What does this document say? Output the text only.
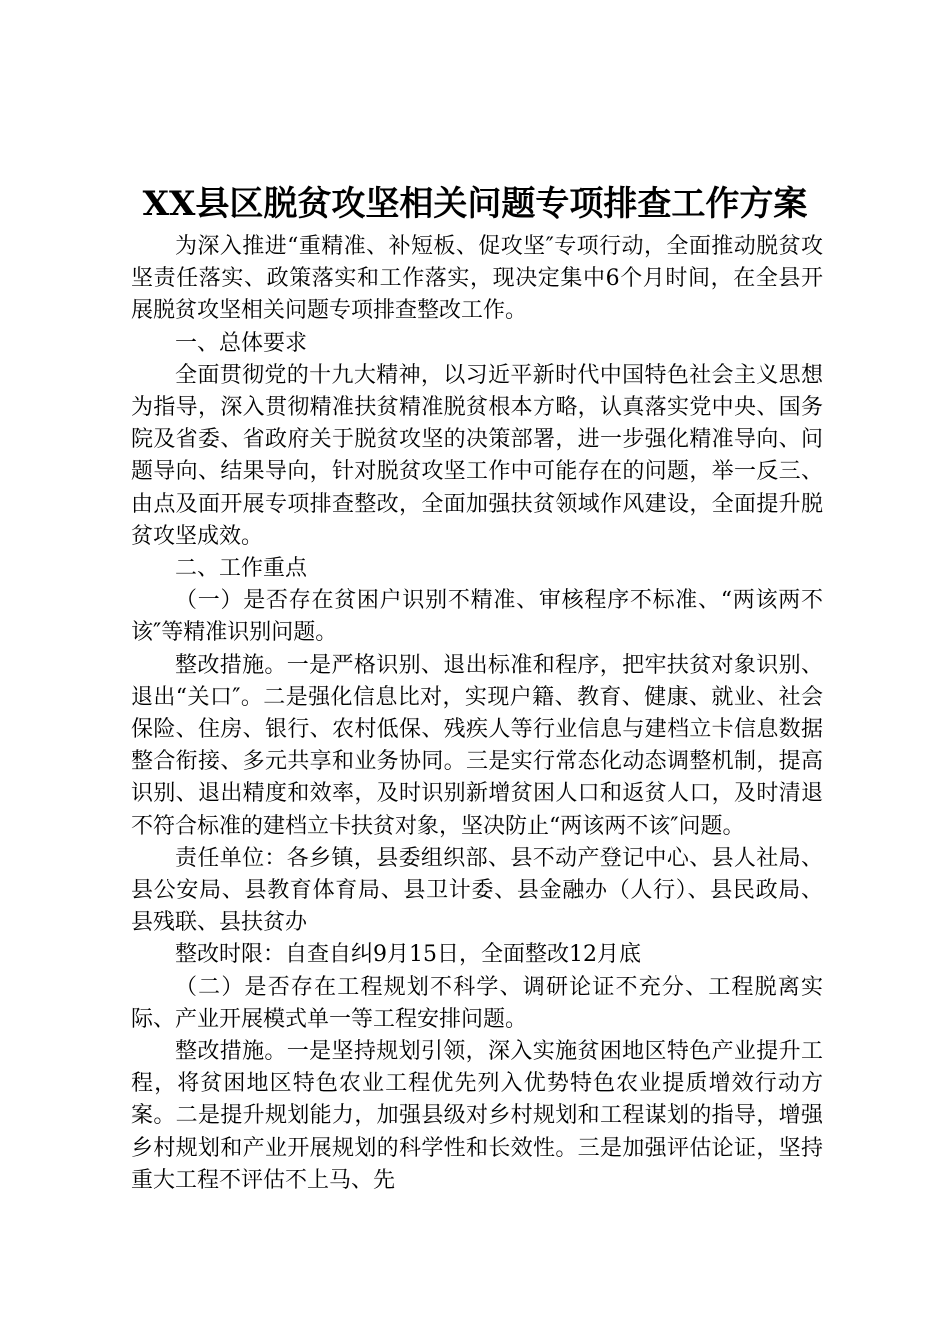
XX县区脱贫攻坚相关问题专项排查工作方案

为深入推进“重精准、补短板、促攻坚″专项行动，全面推动脱贫攻坚责任落实、政策落实和工作落实，现决定集中6个月时间，在全县开展脱贫攻坚相关问题专项排查整改工作。

一、总体要求

全面贯彻党的十九大精神，以习近平新时代中国特色社会主义思想为指导，深入贯彻精准扶贫精准脱贫根本方略，认真落实党中央、国务院及省委、省政府关于脱贫攻坚的决策部署，进一步强化精准导向、问题导向、结果导向，针对脱贫攻坚工作中可能存在的问题，举一反三、由点及面开展专项排查整改，全面加强扶贫领域作风建设，全面提升脱贫攻坚成效。

二、工作重点

（一）是否存在贫困户识别不精准、审核程序不标准、“两该两不该″等精准识别问题。

整改措施。一是严格识别、退出标准和程序，把牢扶贫对象识别、退出“关口″。二是强化信息比对，实现户籍、教育、健康、就业、社会保险、住房、银行、农村低保、残疾人等行业信息与建档立卡信息数据整合衔接、多元共享和业务协同。三是实行常态化动态调整机制，提高识别、退出精度和效率，及时识别新增贫困人口和返贫人口，及时清退不符合标准的建档立卡扶贫对象，坚决防止“两该两不该″问题。

责任单位：各乡镇，县委组织部、县不动产登记中心、县人社局、县公安局、县教育体育局、县卫计委、县金融办（人行）、县民政局、县残联、县扶贫办

整改时限：自查自纠9月15日，全面整改12月底

（二）是否存在工程规划不科学、调研论证不充分、工程脱离实际、产业开展模式单一等工程安排问题。

整改措施。一是坚持规划引领，深入实施贫困地区特色产业提升工程，将贫困地区特色农业工程优先列入优势特色农业提质增效行动方案。二是提升规划能力，加强县级对乡村规划和工程谋划的指导，增强乡村规划和产业开展规划的科学性和长效性。三是加强评估论证，坚持重大工程不评估不上马、先
